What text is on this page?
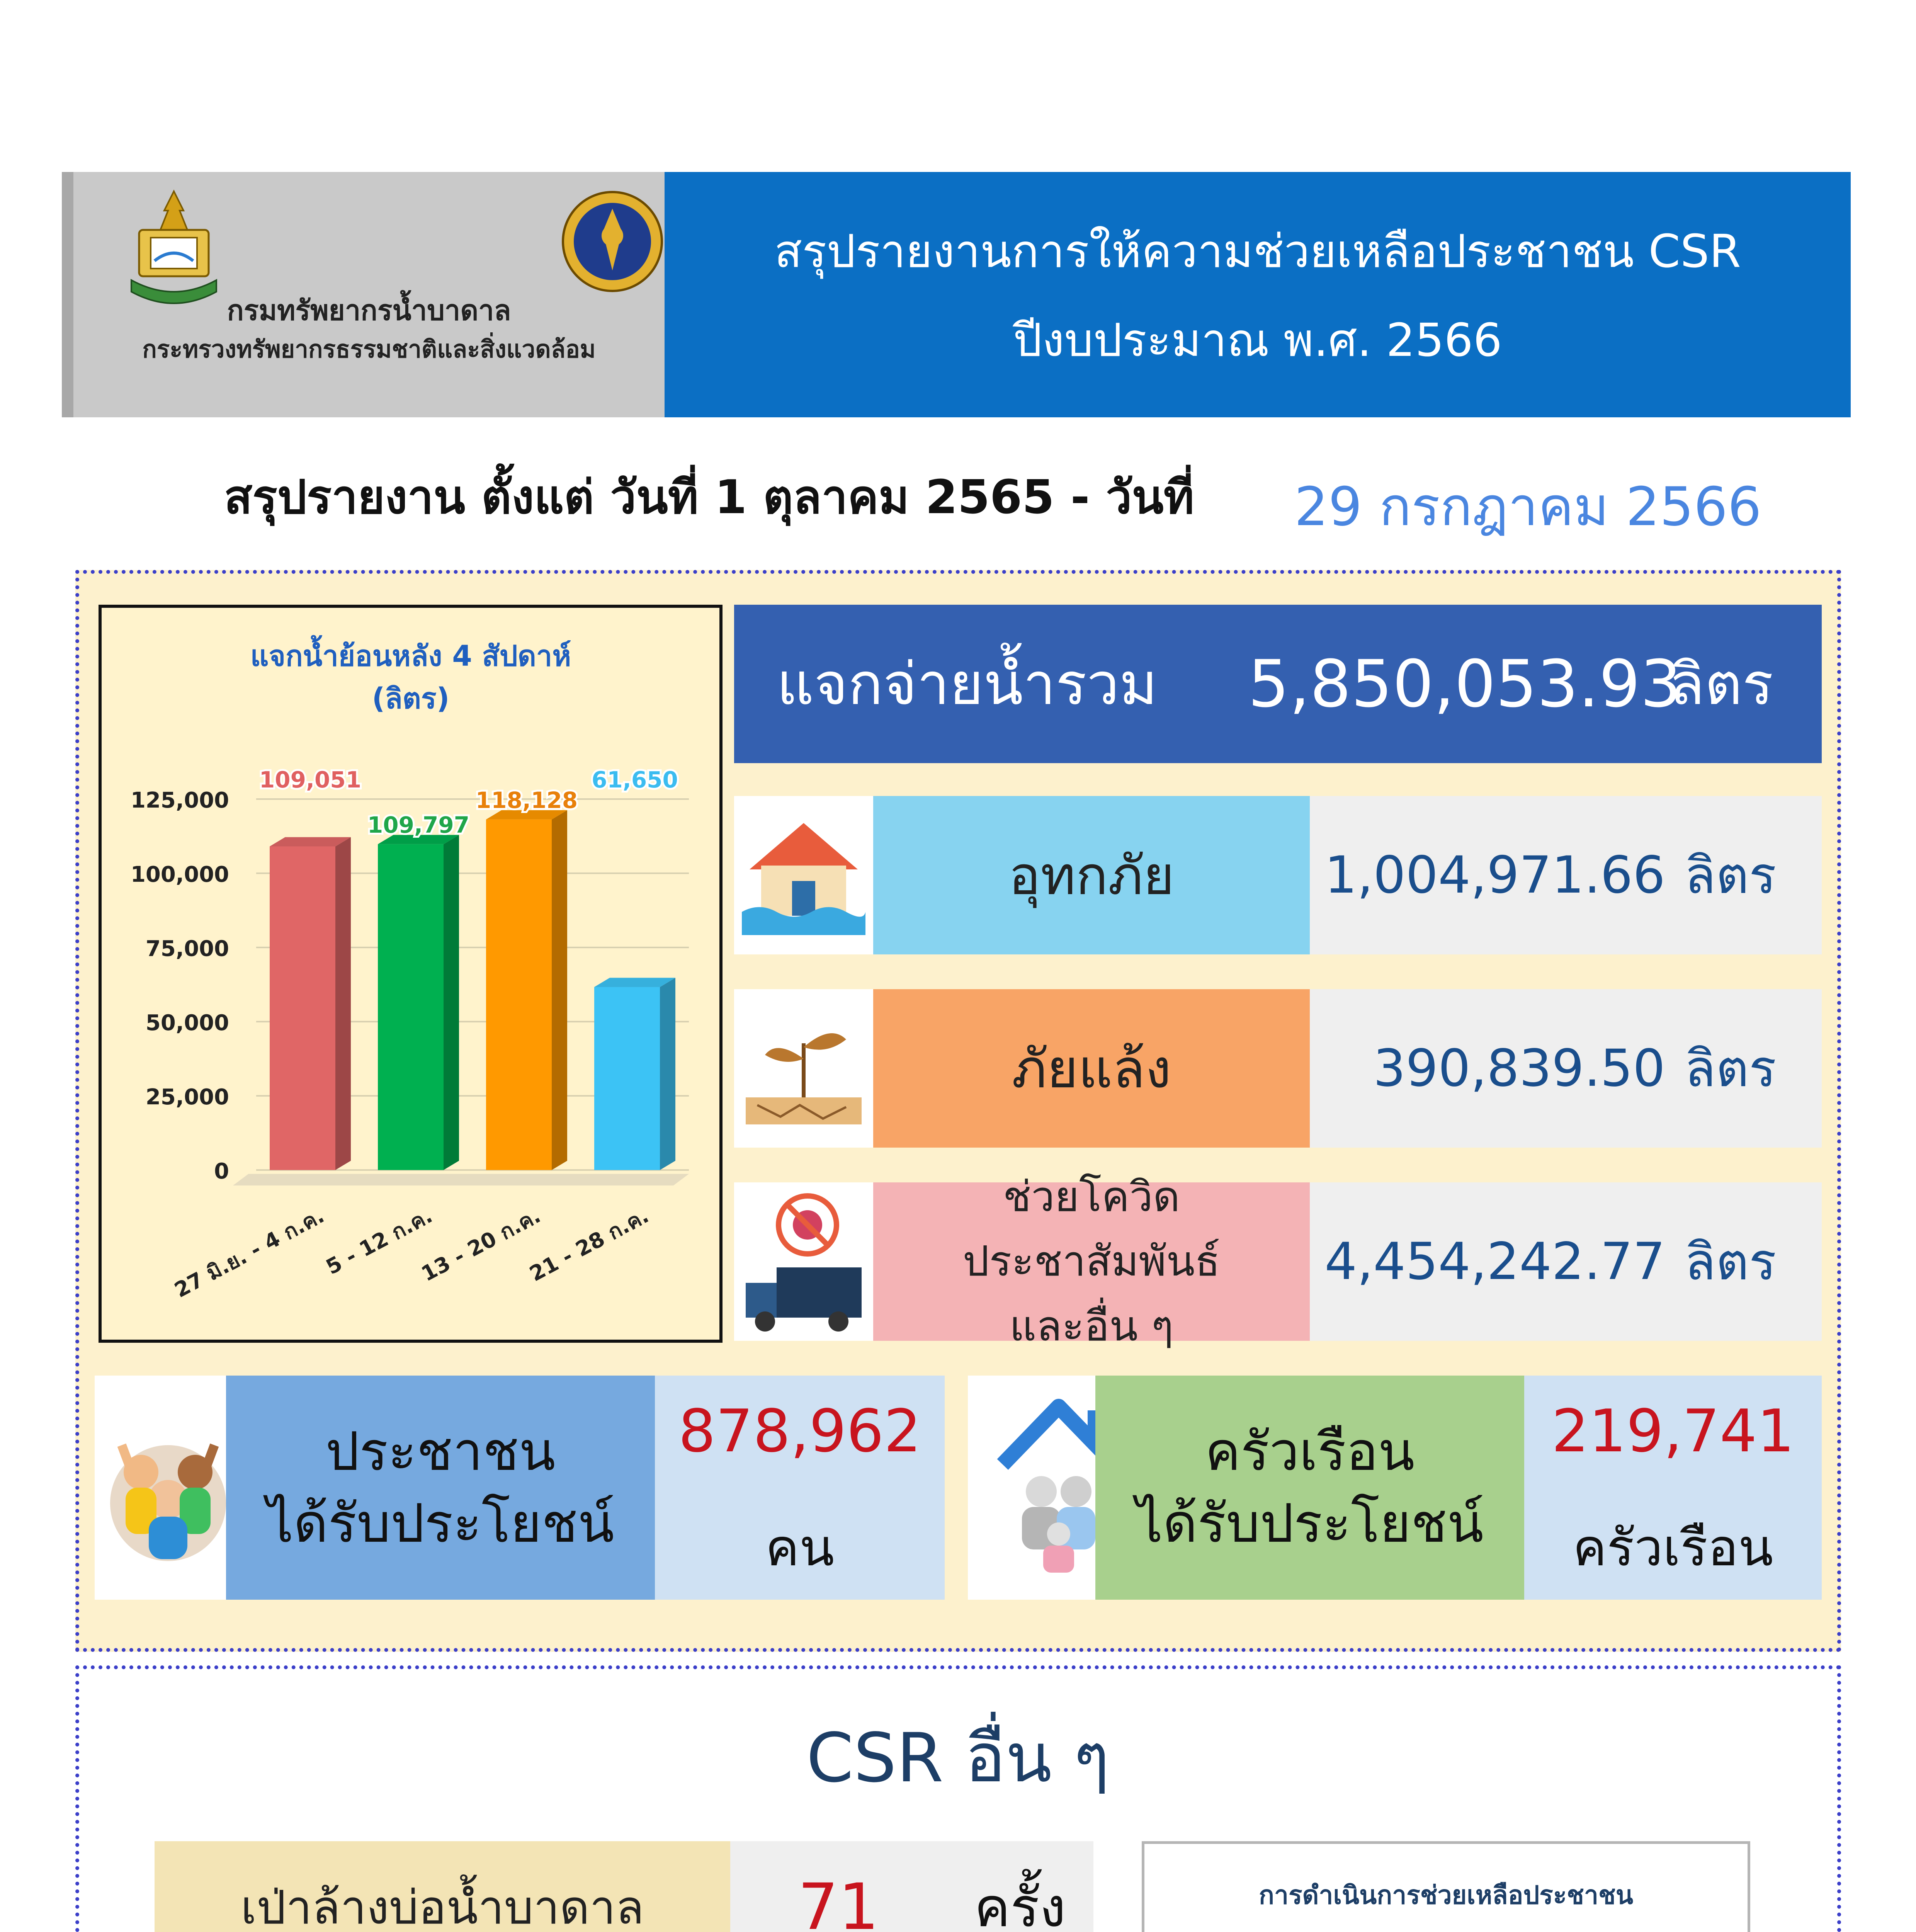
กรมทรัพยากรน้ำบาดาล
กระทรวงทรัพยากรธรรมชาติและสิ่งแวดล้อม
สรุปรายงานการให้ความช่วยเหลือประชาชน CSR
ปีงบประมาณ พ.ศ. 2566
สรุปรายงาน ตั้งแต่ วันที่ 1 ตุลาคม 2565 - วันที่ 29 กรกฎาคม 2566
แจกน้ำย้อนหลัง 4 สัปดาห์
(ลิตร)
0
25,000
50,000
75,000
100,000
125,000
109,051
27 มิ.ย. - 4 ก.ค.
109,797
5 - 12 ก.ค.
118,128
13 - 20 ก.ค.
61,650
21 - 28 ก.ค.
แจกจ่ายน้ำรวม 5,850,053.93
ลิตร
อุทกภัย	1,004,971.66 ลิตร
ภัยแล้ง	390,839.50 ลิตร
ช่วยโควิด ประชาสัมพันธ์
และอื่น ๆ
4,454,242.77 ลิตร
ประชาชน
ได้รับประโยชน์
878,962
คน
ครัวเรือน
ได้รับประโยชน์
219,741
ครัวเรือน
CSR อื่น ๆ
เป่าล้างบ่อน้ำบาดาล	71	ครั้ง	การดำเนินการช่วยเหลือประชาชน
